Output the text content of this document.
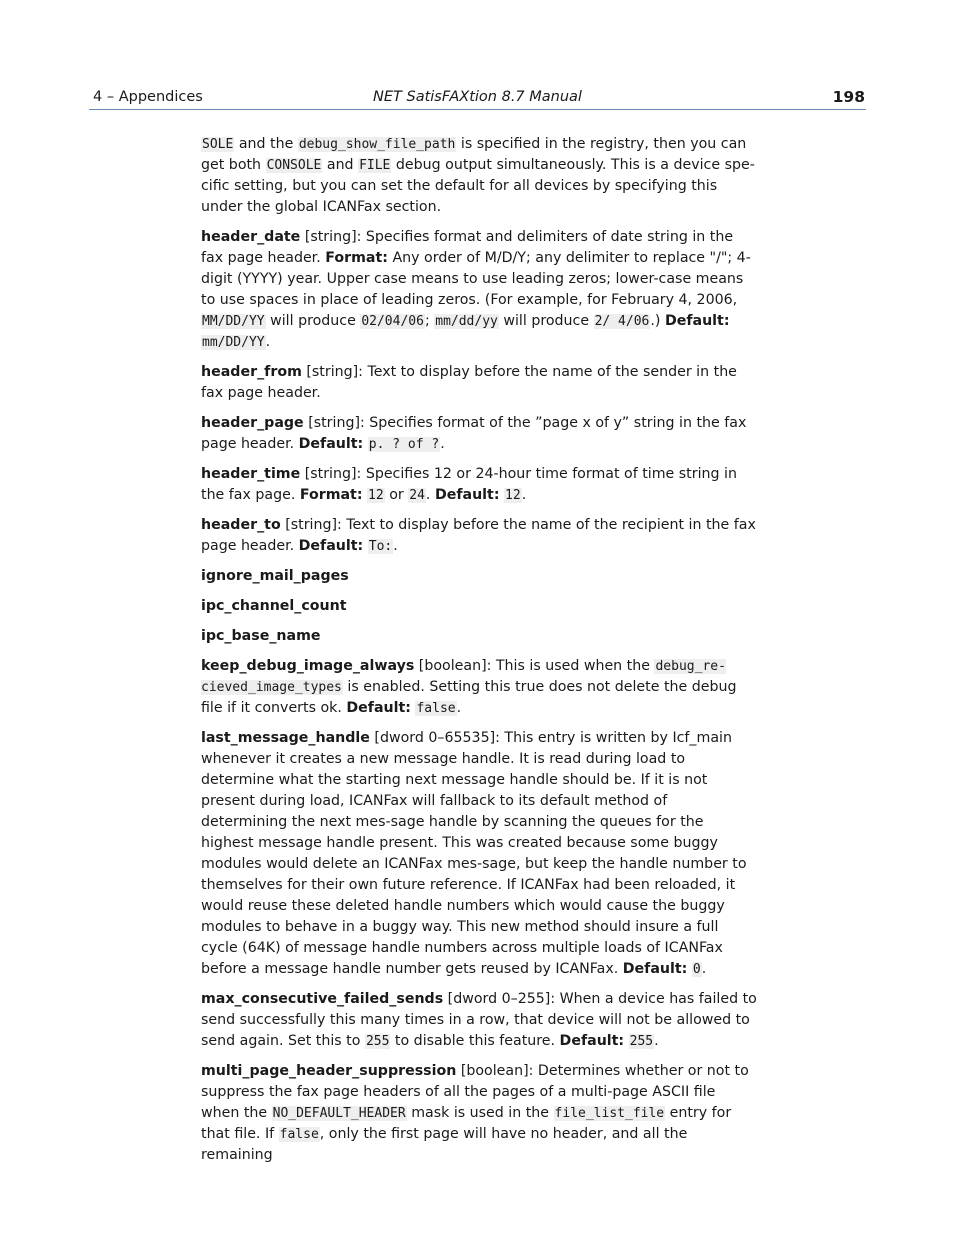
4 – Appendices	NET SatisFAXtion 8.7 Manual	198

SOLE and the debug_show_file_path is specified in the registry, then you can get both CONSOLE and FILE debug output simultaneously. This is a device spe-cific setting, but you can set the default for all devices by specifying this under the global ICANFax section.

header_date [string]: Specifies format and delimiters of date string in the fax page header. Format: Any order of M/D/Y; any delimiter to replace "/"; 4-digit (YYYY) year. Upper case means to use leading zeros; lower-case means to use spaces in place of leading zeros. (For example, for February 4, 2006, MM/DD/YY will produce 02/04/06; mm/dd/yy will produce 2/ 4/06.) Default: mm/DD/YY.

header_from [string]: Text to display before the name of the sender in the fax page header.

header_page [string]: Specifies format of the ”page x of y” string in the fax page header. Default: p. ? of ?.

header_time [string]: Specifies 12 or 24-hour time format of time string in the fax page. Format: 12 or 24. Default: 12.

header_to [string]: Text to display before the name of the recipient in the fax page header. Default: To:.

ignore_mail_pages

ipc_channel_count

ipc_base_name

keep_debug_image_always [boolean]: This is used when the debug_re-cieved_image_types is enabled. Setting this true does not delete the debug file if it converts ok. Default: false.

last_message_handle [dword 0–65535]: This entry is written by Icf_main whenever it creates a new message handle. It is read during load to determine what the starting next message handle should be. If it is not present during load, ICANFax will fallback to its default method of determining the next mes-sage handle by scanning the queues for the highest message handle present. This was created because some buggy modules would delete an ICANFax mes-sage, but keep the handle number to themselves for their own future reference. If ICANFax had been reloaded, it would reuse these deleted handle numbers which would cause the buggy modules to behave in a buggy way. This new method should insure a full cycle (64K) of message handle numbers across multiple loads of ICANFax before a message handle number gets reused by ICANFax. Default: 0.

max_consecutive_failed_sends [dword 0–255]: When a device has failed to send successfully this many times in a row, that device will not be allowed to send again. Set this to 255 to disable this feature. Default: 255.

multi_page_header_suppression [boolean]: Determines whether or not to suppress the fax page headers of all the pages of a multi-page ASCII file when the NO_DEFAULT_HEADER mask is used in the file_list_file entry for that file. If false, only the first page will have no header, and all the remaining
